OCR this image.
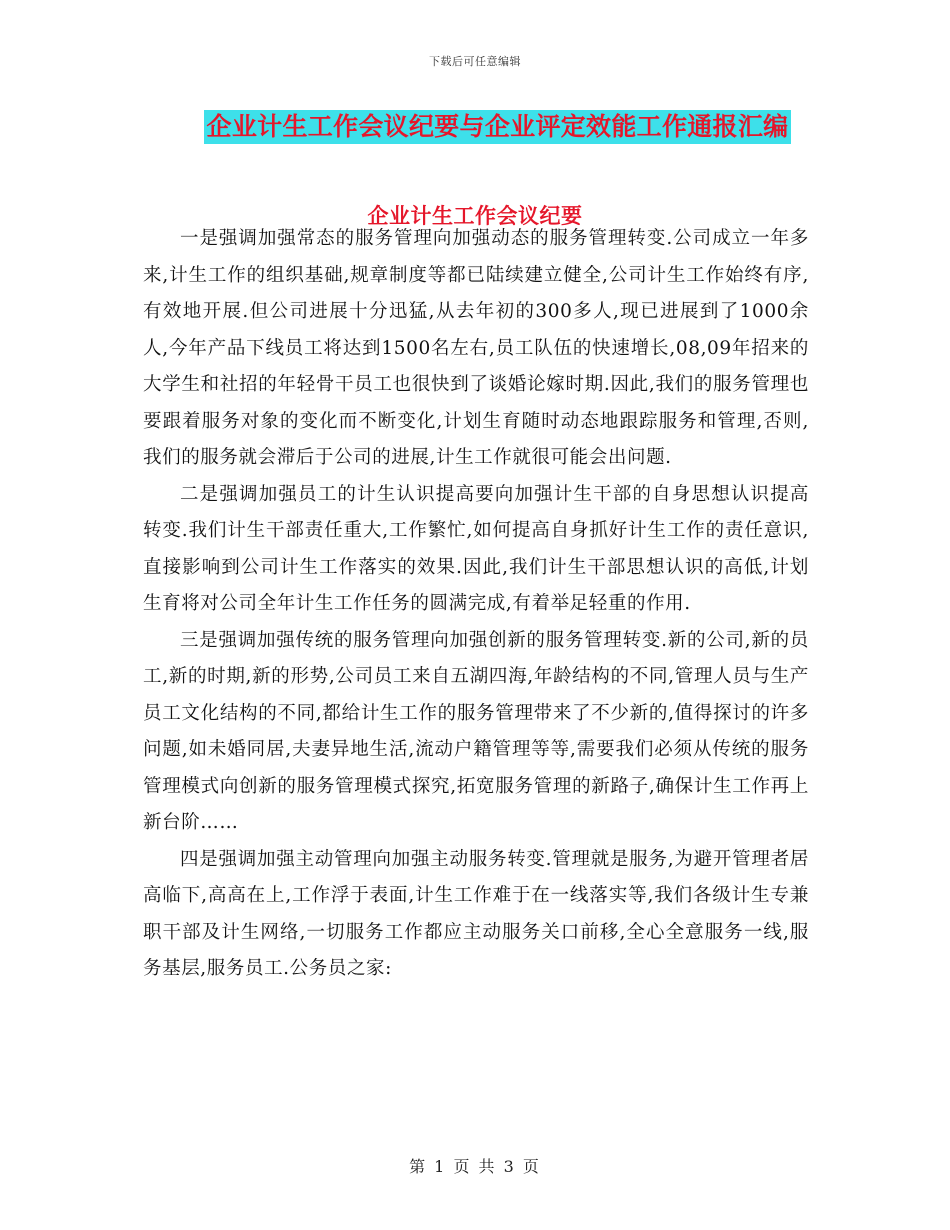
下载后可任意编辑
企业计生工作会议纪要与企业评定效能工作通报汇编
企业计生工作会议纪要

一是强调加强常态的服务管理向加强动态的服务管理转变.公司成立一年多来,计生工作的组织基础,规章制度等都已陆续建立健全,公司计生工作始终有序,有效地开展.但公司进展十分迅猛,从去年初的300多人,现已进展到了1000余人,今年产品下线员工将达到1500名左右,员工队伍的快速增长,08,09年招来的大学生和社招的年轻骨干员工也很快到了谈婚论嫁时期.因此,我们的服务管理也要跟着服务对象的变化而不断变化,计划生育随时动态地跟踪服务和管理,否则,我们的服务就会滞后于公司的进展,计生工作就很可能会出问题.

二是强调加强员工的计生认识提高要向加强计生干部的自身思想认识提高转变.我们计生干部责任重大,工作繁忙,如何提高自身抓好计生工作的责任意识,直接影响到公司计生工作落实的效果.因此,我们计生干部思想认识的高低,计划生育将对公司全年计生工作任务的圆满完成,有着举足轻重的作用.

三是强调加强传统的服务管理向加强创新的服务管理转变.新的公司,新的员工,新的时期,新的形势,公司员工来自五湖四海,年龄结构的不同,管理人员与生产员工文化结构的不同,都给计生工作的服务管理带来了不少新的,值得探讨的许多问题,如未婚同居,夫妻异地生活,流动户籍管理等等,需要我们必须从传统的服务管理模式向创新的服务管理模式探究,拓宽服务管理的新路子,确保计生工作再上新台阶……

四是强调加强主动管理向加强主动服务转变.管理就是服务,为避开管理者居高临下,高高在上,工作浮于表面,计生工作难于在一线落实等,我们各级计生专兼职干部及计生网络,一切服务工作都应主动服务关口前移,全心全意服务一线,服务基层,服务员工.公务员之家:

第 1 页 共 3 页
